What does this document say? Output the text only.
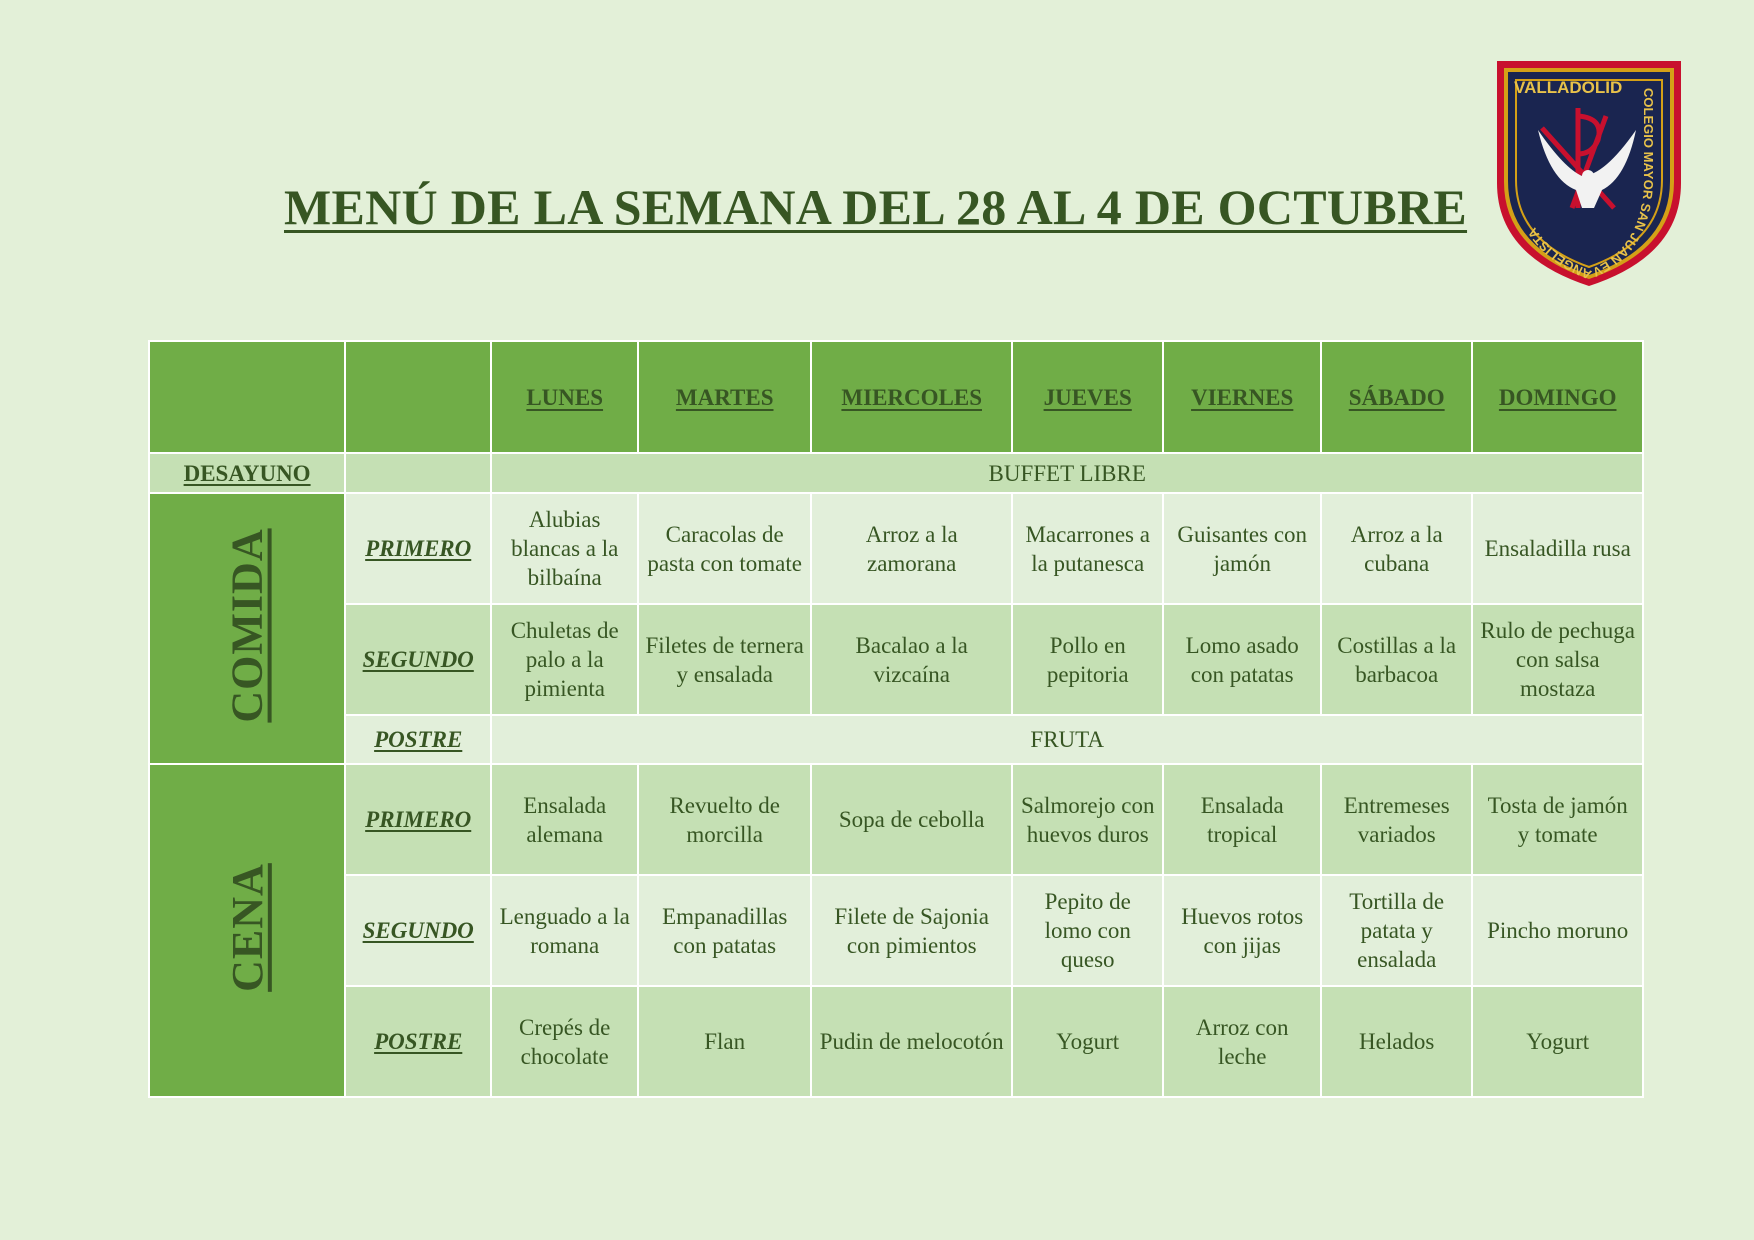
MENÚ DE LA SEMANA DEL 28 AL 4 DE OCTUBRE
VALLADOLID	COLEGIO MAYOR SAN JUAN EVANGELISTA
		LUNES	MARTES	MIERCOLES	JUEVES	VIERNES	SÁBADO	DOMINGO
DESAYUNO		BUFFET LIBRE						
COMIDA	PRIMERO	Alubias blancas a la bilbaína	Caracolas de pasta con tomate	Arroz a la zamorana	Macarrones a la putanesca	Guisantes con jamón	Arroz a la cubana	Ensaladilla rusa
	SEGUNDO	Chuletas de palo a la pimienta	Filetes de ternera y ensalada	Bacalao a la vizcaína	Pollo en pepitoria	Lomo asado con patatas	Costillas a la barbacoa	Rulo de pechuga con salsa mostaza
	POSTRE	FRUTA						
CENA	PRIMERO	Ensalada alemana	Revuelto de morcilla	Sopa de cebolla	Salmorejo con huevos duros	Ensalada tropical	Entremeses variados	Tosta de jamón y tomate
	SEGUNDO	Lenguado a la romana	Empanadillas con patatas	Filete de Sajonia con pimientos	Pepito de lomo con queso	Huevos rotos con jijas	Tortilla de patata y ensalada	Pincho moruno
	POSTRE	Crepés de chocolate	Flan	Pudin de melocotón	Yogurt	Arroz con leche	Helados	Yogurt
